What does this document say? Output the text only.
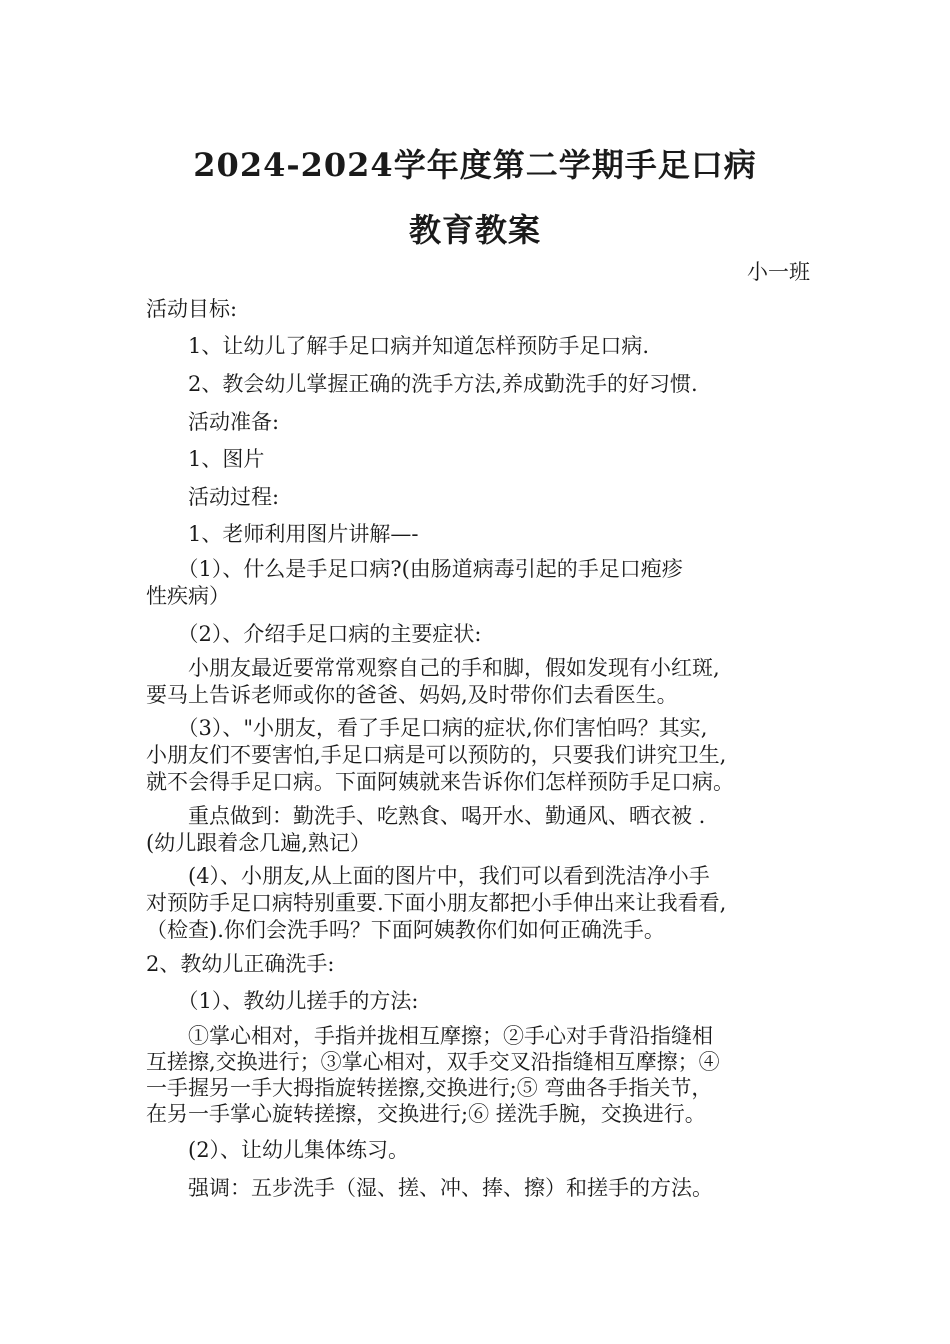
2024-2024学年度第二学期手足口病
教育教案

小一班

活动目标:

　　1、让幼儿了解手足口病并知道怎样预防手足口病.

　　2、教会幼儿掌握正确的洗手方法,养成勤洗手的好习惯.

　　活动准备:

　　1、图片

　　活动过程:

　　1、老师利用图片讲解—-

　　（1）、什么是手足口病?(由肠道病毒引起的手足口疱疹

性疾病）

　　（2）、介绍手足口病的主要症状:

　　小朋友最近要常常观察自己的手和脚，假如发现有小红斑,

要马上告诉老师或你的爸爸、妈妈,及时带你们去看医生。

　　（3）、"小朋友，看了手足口病的症状,你们害怕吗？其实,

小朋友们不要害怕,手足口病是可以预防的，只要我们讲究卫生,

就不会得手足口病。下面阿姨就来告诉你们怎样预防手足口病。

　　重点做到：勤洗手、吃熟食、喝开水、勤通风、晒衣被 .

(幼儿跟着念几遍,熟记）

　　(4）、小朋友,从上面的图片中，我们可以看到洗洁净小手

对预防手足口病特别重要.下面小朋友都把小手伸出来让我看看,

（检查).你们会洗手吗？下面阿姨教你们如何正确洗手。

2、教幼儿正确洗手:

　　（1）、教幼儿搓手的方法:

　　①掌心相对，手指并拢相互摩擦；②手心对手背沿指缝相

互搓擦,交换进行；③掌心相对，双手交叉沿指缝相互摩擦；④

一手握另一手大拇指旋转搓擦,交换进行;⑤ 弯曲各手指关节，

在另一手掌心旋转搓擦，交换进行;⑥ 搓洗手腕，交换进行。

　　(2）、让幼儿集体练习。

　　强调：五步洗手（湿、搓、冲、捧、擦）和搓手的方法。
